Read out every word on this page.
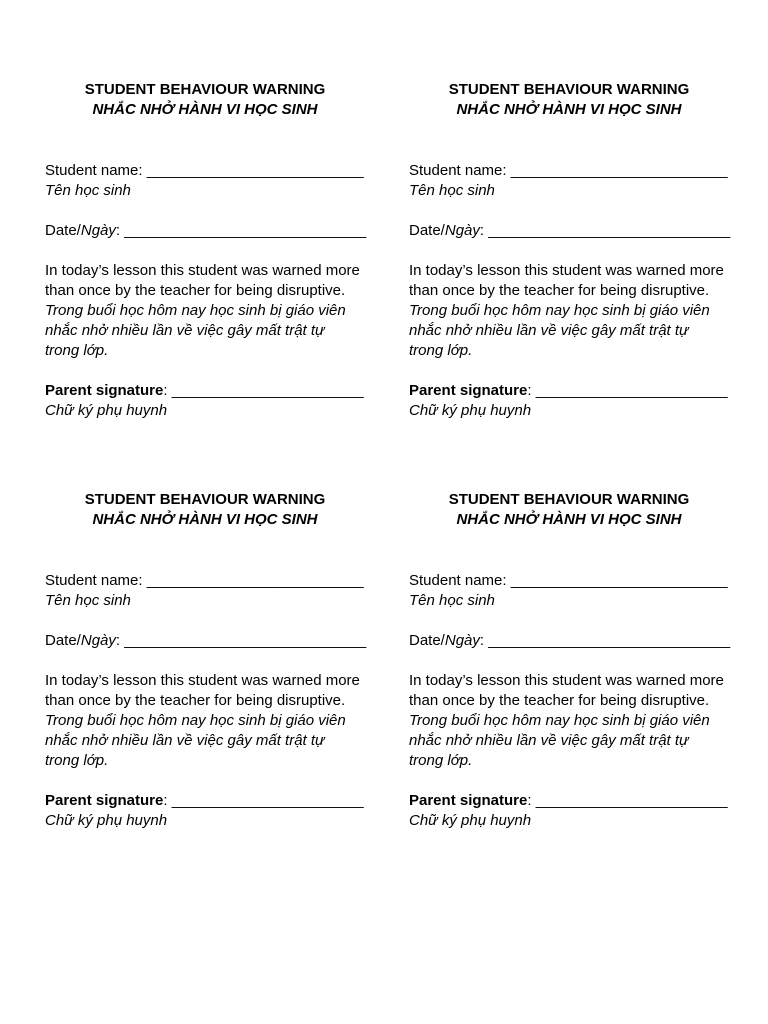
STUDENT BEHAVIOUR WARNING
NHẮC NHỞ HÀNH VI HỌC SINH
Student name: __________________________
Tên học sinh
Date/Ngày: _____________________________
In today’s lesson this student was warned more
than once by the teacher for being disruptive.
Trong buổi học hôm nay học sinh bị giáo viên
nhắc nhở nhiều lần về việc gây mất trật tự
trong lớp.
Parent signature: _______________________
Chữ ký phụ huynh
STUDENT BEHAVIOUR WARNING
NHẮC NHỞ HÀNH VI HỌC SINH
Student name: __________________________
Tên học sinh
Date/Ngày: _____________________________
In today’s lesson this student was warned more
than once by the teacher for being disruptive.
Trong buổi học hôm nay học sinh bị giáo viên
nhắc nhở nhiều lần về việc gây mất trật tự
trong lớp.
Parent signature: _______________________
Chữ ký phụ huynh
STUDENT BEHAVIOUR WARNING
NHẮC NHỞ HÀNH VI HỌC SINH
Student name: __________________________
Tên học sinh
Date/Ngày: _____________________________
In today’s lesson this student was warned more
than once by the teacher for being disruptive.
Trong buổi học hôm nay học sinh bị giáo viên
nhắc nhở nhiều lần về việc gây mất trật tự
trong lớp.
Parent signature: _______________________
Chữ ký phụ huynh
STUDENT BEHAVIOUR WARNING
NHẮC NHỞ HÀNH VI HỌC SINH
Student name: __________________________
Tên học sinh
Date/Ngày: _____________________________
In today’s lesson this student was warned more
than once by the teacher for being disruptive.
Trong buổi học hôm nay học sinh bị giáo viên
nhắc nhở nhiều lần về việc gây mất trật tự
trong lớp.
Parent signature: _______________________
Chữ ký phụ huynh
